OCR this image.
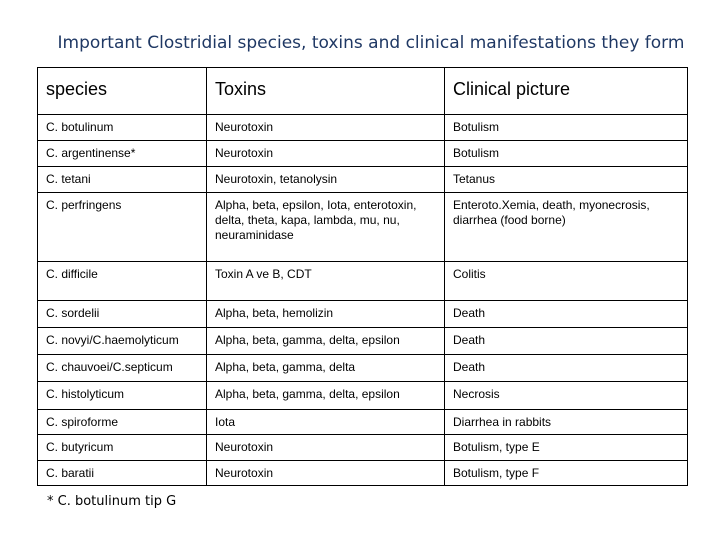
Important Clostridial species, toxins and clinical manifestations they form
species	Toxins	Clinical picture
C. botulinum	Neurotoxin	Botulism
C. argentinense*	Neurotoxin	Botulism
C. tetani	Neurotoxin, tetanolysin	Tetanus
C. perfringens	Alpha, beta, epsilon, Iota, enterotoxin, delta, theta, kapa, lambda, mu, nu, neuraminidase	Enteroto.Xemia, death, myonecrosis, diarrhea (food borne)
C. difficile	Toxin A ve B, CDT	Colitis
C. sordelii	Alpha, beta, hemolizin	Death
C. novyi/C.haemolyticum	Alpha, beta, gamma, delta, epsilon	Death
C. chauvoei/C.septicum	Alpha, beta, gamma, delta	Death
C. histolyticum	Alpha, beta, gamma, delta, epsilon	Necrosis
C. spiroforme	Iota	Diarrhea in rabbits
C. butyricum	Neurotoxin	Botulism, type E
C. baratii	Neurotoxin	Botulism, type F
* C. botulinum tip G
